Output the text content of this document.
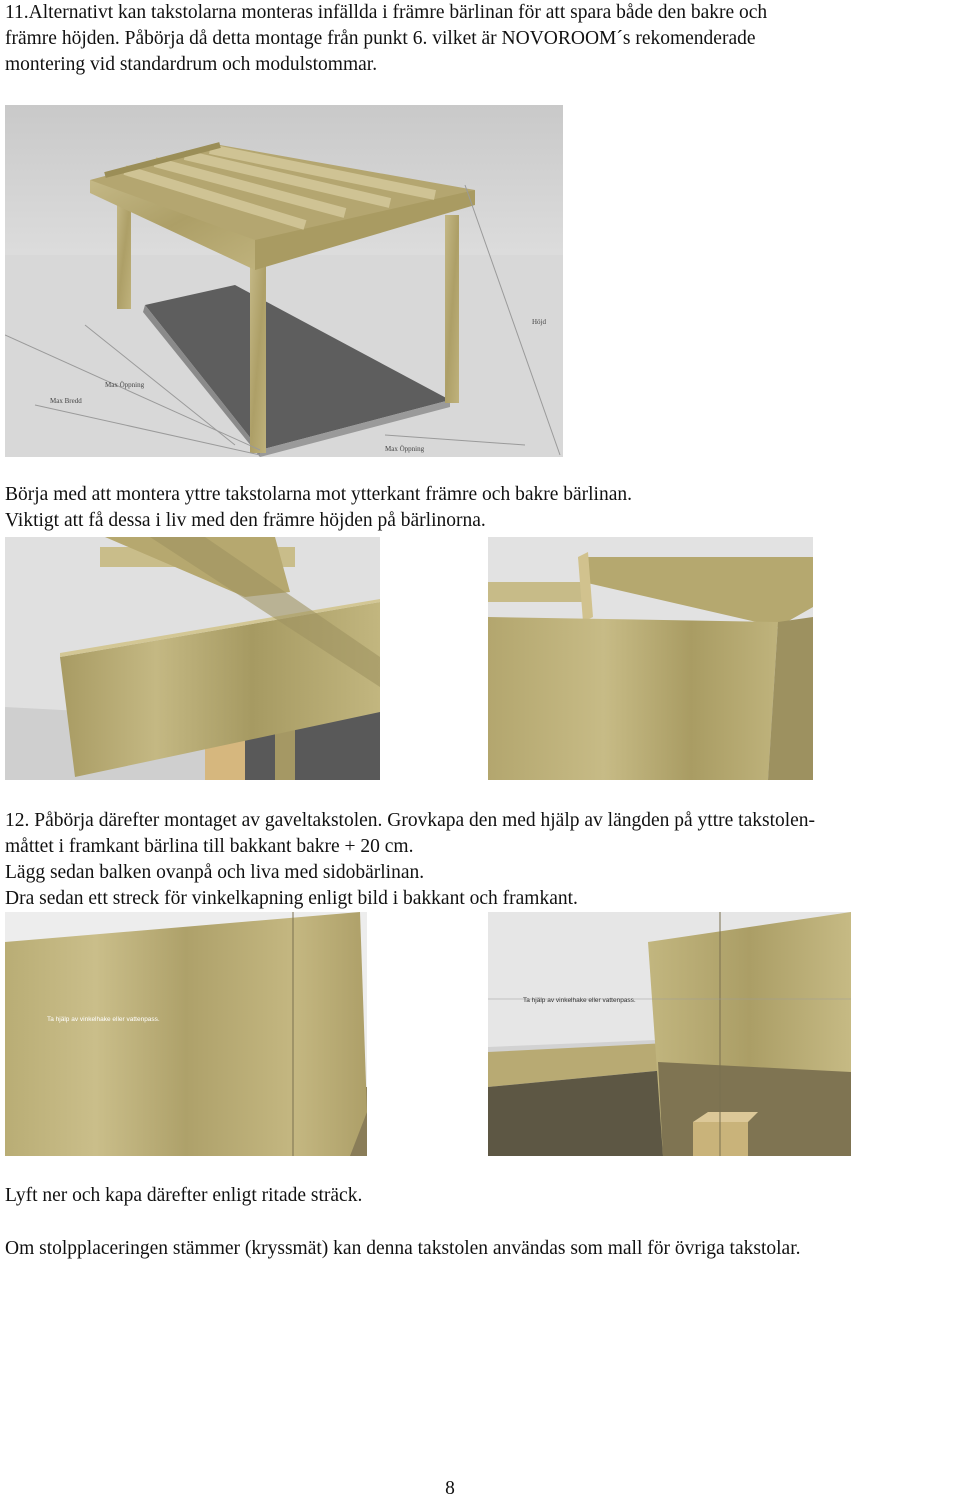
11.Alternativt kan takstolarna monteras infällda i främre bärlinan för att spara både den bakre och
främre höjden. Påbörja då detta montage från punkt 6. vilket är NOVOROOM´s rekomenderade
montering vid standardrum och modulstommar.
Höjd
Max Öppning
Max Bredd
Max Öppning
Börja med att montera yttre takstolarna mot ytterkant främre och bakre bärlinan.
Viktigt att få dessa i liv med den främre höjden på bärlinorna.
12. Påbörja därefter montaget av gaveltakstolen. Grovkapa den med hjälp av längden på yttre takstolen-
måttet i framkant bärlina till bakkant bakre + 20 cm.
Lägg sedan balken ovanpå och liva med sidobärlinan.
Dra sedan ett streck för vinkelkapning enligt bild i bakkant och framkant.
Ta hjälp av vinkelhake eller vattenpass.
Ta hjälp av vinkelhake eller vattenpass.
Lyft ner och kapa därefter enligt ritade sträck.
Om stolpplaceringen stämmer (kryssmät) kan denna takstolen användas som mall för övriga takstolar.
8
